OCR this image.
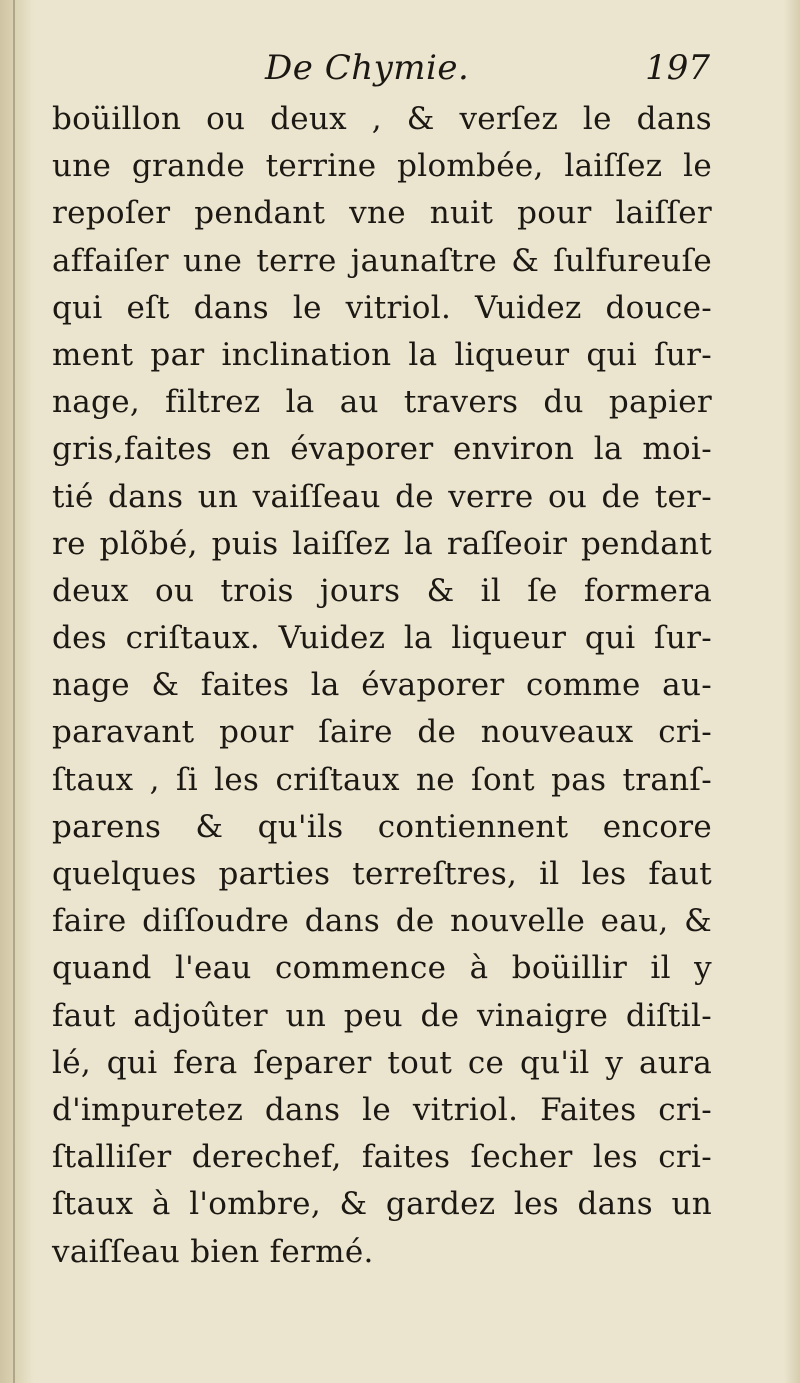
De Chymie.	197
boüillon ou deux , & verſez le dans
une grande terrine plombée, laiſſez le
repoſer pendant vne nuit pour laiſſer
affaiſer une terre jaunaſtre & ſulfureuſe
qui eſt dans le vitriol. Vuidez douce-
ment par inclination la liqueur qui ſur-
nage, filtrez la au travers du papier
gris,faites en évaporer environ la moi-
tié dans un vaiſſeau de verre ou de ter-
re plõbé, puis laiſſez la raſſeoir pendant
deux ou trois jours & il ſe formera
des criſtaux. Vuidez la liqueur qui ſur-
nage & faites la évaporer comme au-
paravant pour ſaire de nouveaux cri-
ſtaux , ſi les criſtaux ne ſont pas tranſ-
parens & qu'ils contiennent encore
quelques parties terreſtres, il les faut
faire diſſoudre dans de nouvelle eau, &
quand l'eau commence à boüillir il y
faut adjoûter un peu de vinaigre diſtil-
lé, qui fera ſeparer tout ce qu'il y aura
d'impuretez dans le vitriol. Faites cri-
ſtalliſer derechef, faites ſecher les cri-
ſtaux à l'ombre, & gardez les dans un
vaiſſeau bien fermé.
